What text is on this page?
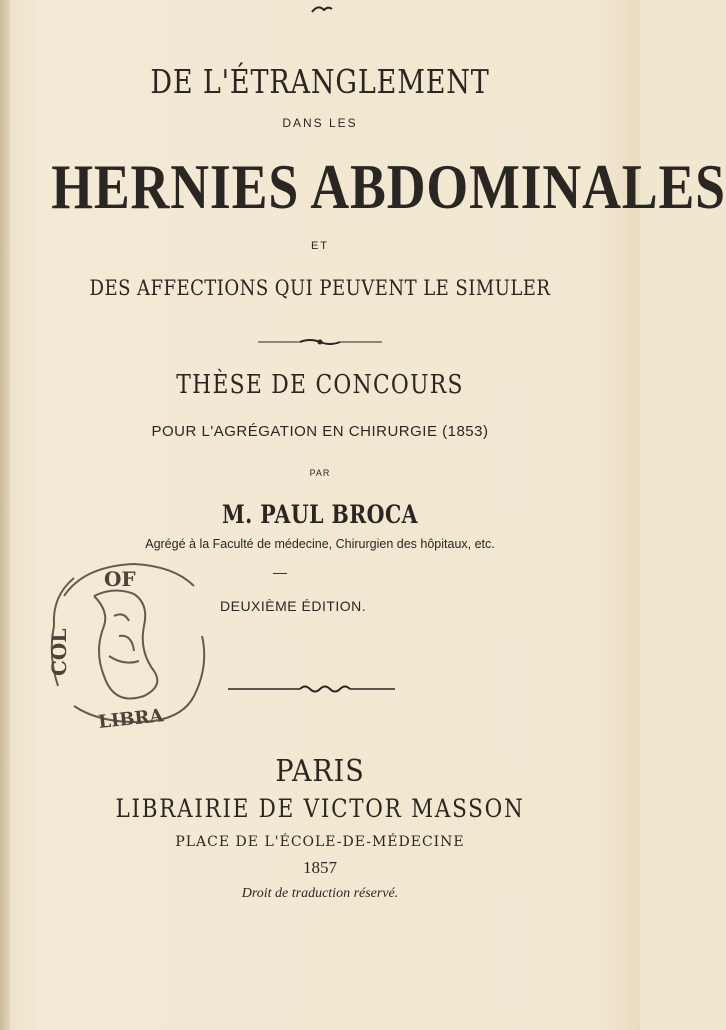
DE L'ÉTRANGLEMENT
DANS LES
HERNIES ABDOMINALES
ET
DES AFFECTIONS QUI PEUVENT LE SIMULER
THÈSE DE CONCOURS
POUR L'AGRÉGATION EN CHIRURGIE (1853)
PAR
M. PAUL BROCA
Agrégé à la Faculté de médecine, Chirurgien des hôpitaux, etc.
OF
COL
LIBRA
DEUXIÈME ÉDITION.
PARIS
LIBRAIRIE DE VICTOR MASSON
PLACE DE L'ÉCOLE-DE-MÉDECINE
1857
Droit de traduction réservé.
